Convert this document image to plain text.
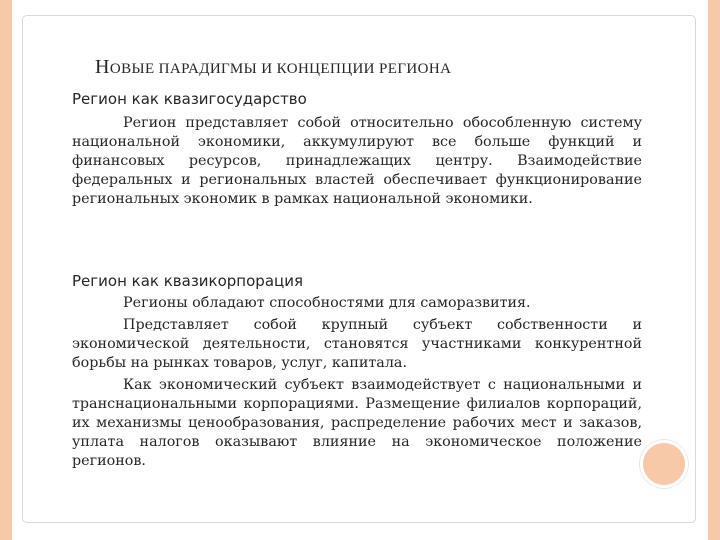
НОВЫЕ ПАРАДИГМЫ И КОНЦЕПЦИИ РЕГИОНА
Регион как квазигосударство

Регион представляет собой относительно обособленную систему национальной экономики, аккумулируют все больше функций и финансовых ресурсов, принадлежащих центру. Взаимодействие федеральных и региональных властей обеспечивает функционирование региональных экономик в рамках национальной экономики.

Регион как квазикорпорация

Регионы обладают способностями для саморазвития.

Представляет собой крупный субъект собственности и экономической деятельности, становятся участниками конкурентной борьбы на рынках товаров, услуг, капитала.

Как экономический субъект взаимодействует с национальными и транснациональными корпорациями. Размещение филиалов корпораций, их механизмы ценообразования, распределение рабочих мест и заказов, уплата налогов оказывают влияние на экономическое положение регионов.
